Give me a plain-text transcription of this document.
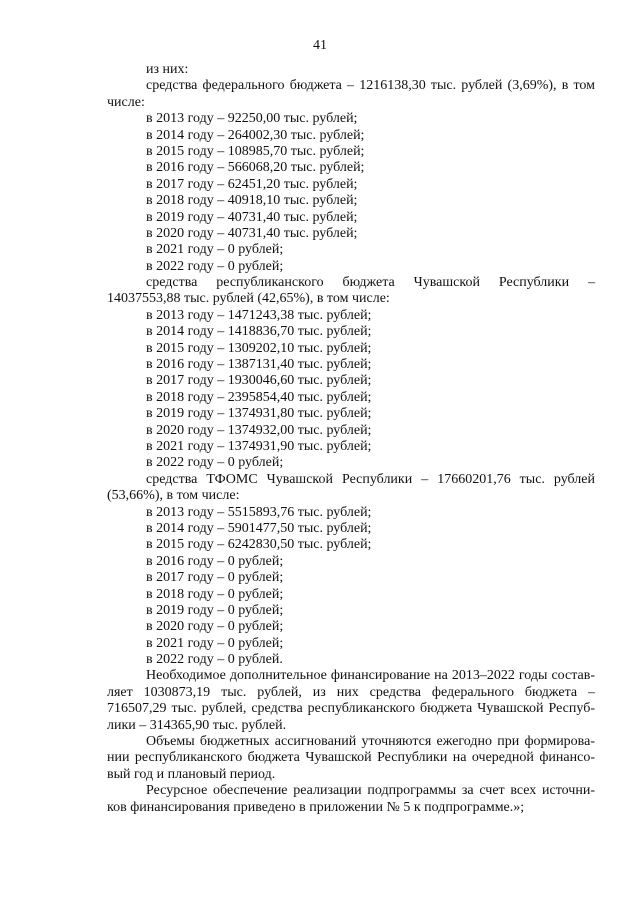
41
из них:
средства федерального бюджета – 1216138,30 тыс. рублей (3,69%), в том
числе:
в 2013 году – 92250,00 тыс. рублей;
в 2014 году – 264002,30 тыс. рублей;
в 2015 году – 108985,70 тыс. рублей;
в 2016 году – 566068,20 тыс. рублей;
в 2017 году – 62451,20 тыс. рублей;
в 2018 году – 40918,10 тыс. рублей;
в 2019 году – 40731,40 тыс. рублей;
в 2020 году – 40731,40 тыс. рублей;
в 2021 году – 0 рублей;
в 2022 году – 0 рублей;
средства республиканского бюджета Чувашской Республики –
14037553,88 тыс. рублей (42,65%), в том числе:
в 2013 году – 1471243,38 тыс. рублей;
в 2014 году – 1418836,70 тыс. рублей;
в 2015 году – 1309202,10 тыс. рублей;
в 2016 году – 1387131,40 тыс. рублей;
в 2017 году – 1930046,60 тыс. рублей;
в 2018 году – 2395854,40 тыс. рублей;
в 2019 году – 1374931,80 тыс. рублей;
в 2020 году – 1374932,00 тыс. рублей;
в 2021 году – 1374931,90 тыс. рублей;
в 2022 году – 0 рублей;
средства ТФОМС Чувашской Республики – 17660201,76 тыс. рублей
(53,66%), в том числе:
в 2013 году – 5515893,76 тыс. рублей;
в 2014 году – 5901477,50 тыс. рублей;
в 2015 году – 6242830,50 тыс. рублей;
в 2016 году – 0 рублей;
в 2017 году – 0 рублей;
в 2018 году – 0 рублей;
в 2019 году – 0 рублей;
в 2020 году – 0 рублей;
в 2021 году – 0 рублей;
в 2022 году – 0 рублей.
Необходимое дополнительное финансирование на 2013–2022 годы состав-
ляет 1030873,19 тыс. рублей, из них средства федерального бюджета –
716507,29 тыс. рублей, средства республиканского бюджета Чувашской Респуб-
лики – 314365,90 тыс. рублей.
Объемы бюджетных ассигнований уточняются ежегодно при формирова-
нии республиканского бюджета Чувашской Республики на очередной финансо-
вый год и плановый период.
Ресурсное обеспечение реализации подпрограммы за счет всех источни-
ков финансирования приведено в приложении № 5 к подпрограмме.»;
